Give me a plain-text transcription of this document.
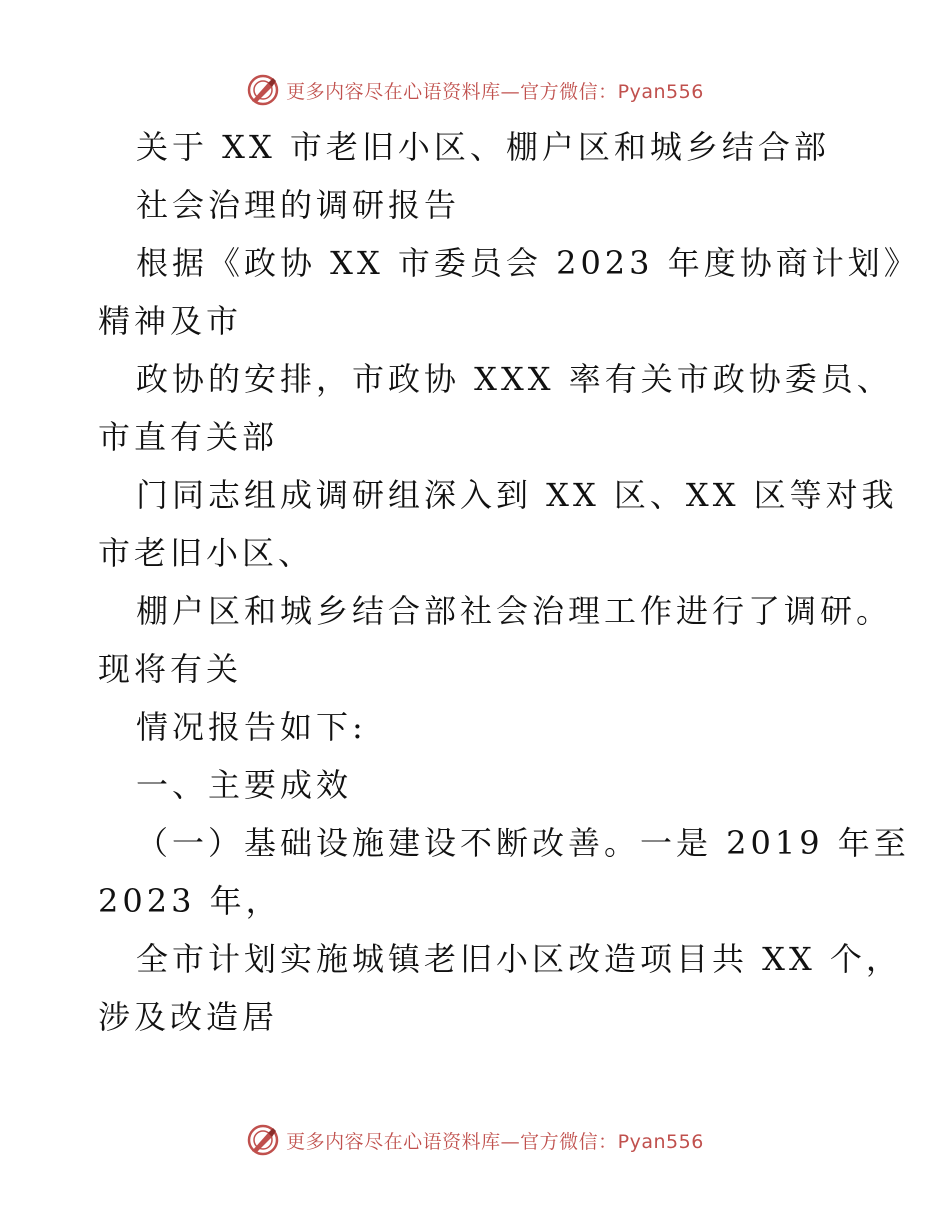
更多内容尽在心语资料库—官方微信：Pyan556
关于 XX 市老旧小区、棚户区和城乡结合部
社会治理的调研报告
根据《政协 XX 市委员会 2023 年度协商计划》
精神及市
政协的安排，市政协 XXX 率有关市政协委员、
市直有关部
门同志组成调研组深入到 XX 区、XX 区等对我
市老旧小区、
棚户区和城乡结合部社会治理工作进行了调研。
现将有关
情况报告如下:
一、主要成效
（一）基础设施建设不断改善。一是 2019 年至
2023 年，
全市计划实施城镇老旧小区改造项目共 XX 个，
涉及改造居
更多内容尽在心语资料库—官方微信：Pyan556
